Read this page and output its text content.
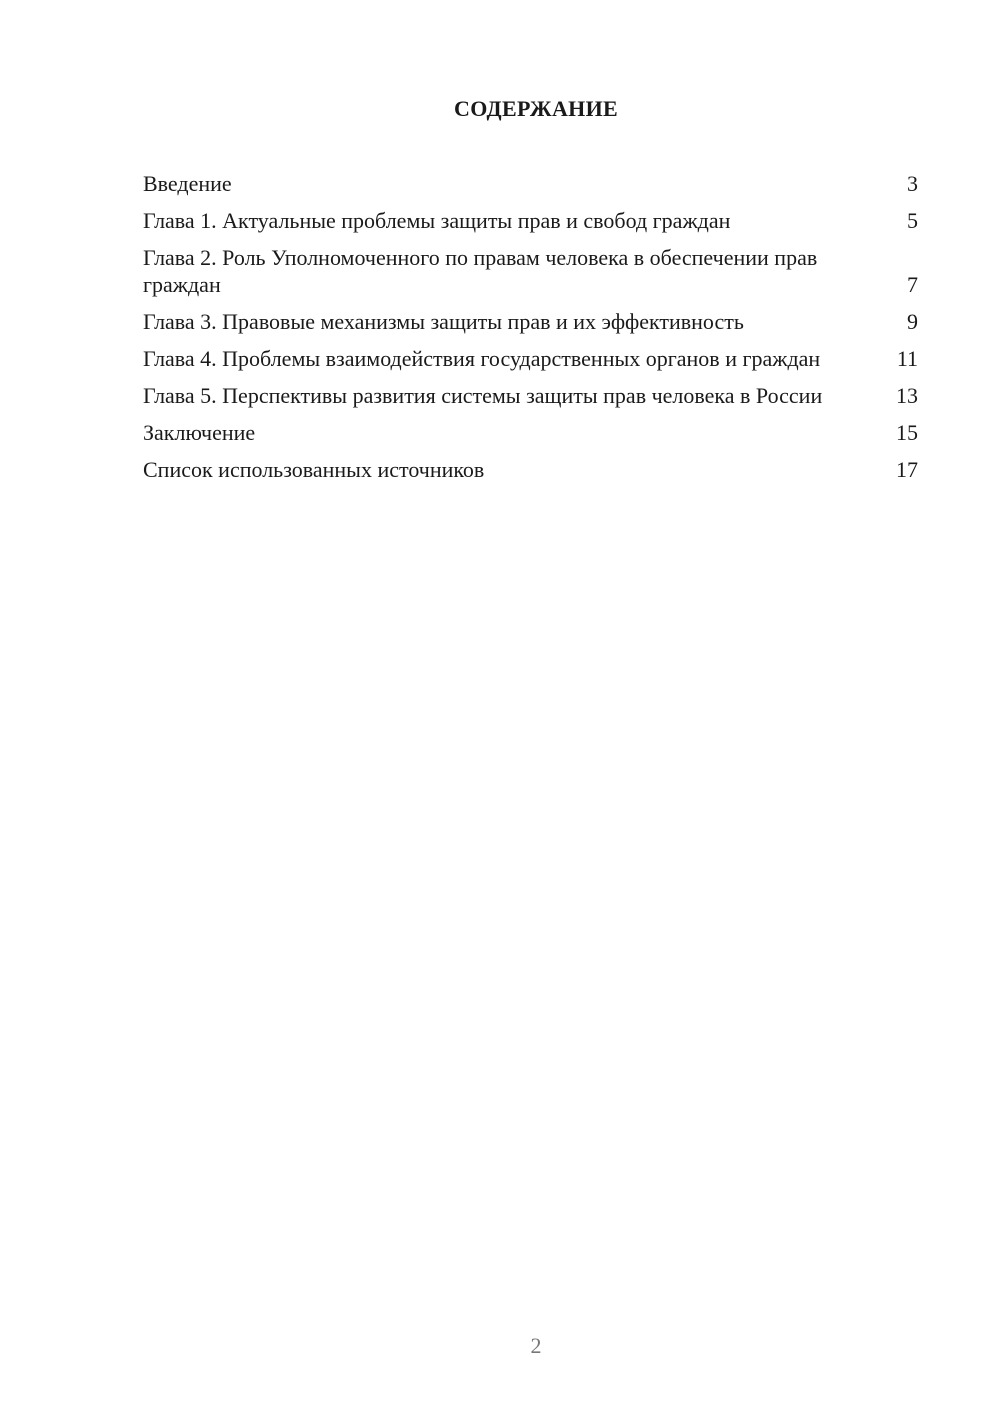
СОДЕРЖАНИЕ
Введение	3
Глава 1. Актуальные проблемы защиты прав и свобод граждан	5
Глава 2. Роль Уполномоченного по правам человека в обеспечении прав граждан	7
Глава 3. Правовые механизмы защиты прав и их эффективность	9
Глава 4. Проблемы взаимодействия государственных органов и граждан	11
Глава 5. Перспективы развития системы защиты прав человека в России	13
Заключение	15
Список использованных источников	17
2
